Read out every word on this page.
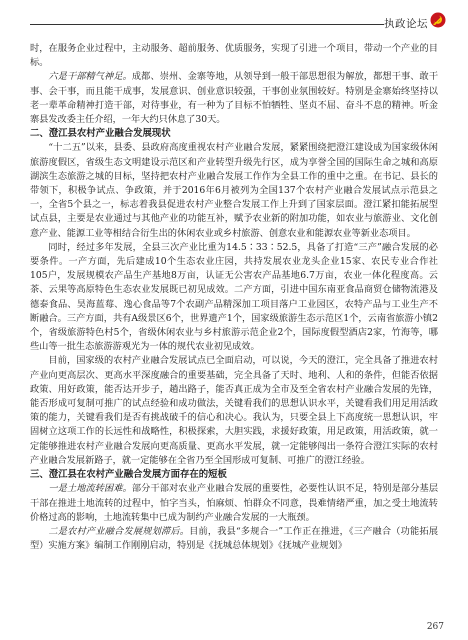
执政论坛

时，在服务企业过程中，主动服务、超前服务、优质服务，实现了引进一个项目，带动一个产业的目标。

六是干部精气神足。成都、崇州、金寨等地，从领导到一般干部思想很为解放，都想干事、敢干事、会干事，而且能干成事，发展意识、创业意识较强，干事创业氛围较好。特别是金寨始终坚持以老一辈革命精神打造干部，对待事业，有一种为了目标不怕牺牲、坚贞不屈、奋斗不息的精神。听金寨县发改委主任介绍，一年大约只休息了30天。

二、澄江县农村产业融合发展现状

“十二五”以来，县委、县政府高度重视农村产业融合发展，紧紧围绕把澄江建设成为国家级休闲旅游度假区，省级生态文明建设示范区和产业转型升级先行区，成为享誉全国的国际生命之城和高原湖滨生态旅游之城的目标，坚持把农村产业融合发展工作作为全县工作的重中之重。在书记、县长的带领下，积极争试点、争政策，并于2016年6月被列为全国137个农村产业融合发展试点示范县之一，全省5个县之一，标志着我县促进农村产业整合发展工作上升到了国家层面。澄江紧扣能拓展型试点县，主要是农业通过与其他产业的功能互补，赋予农业新的附加功能，如农业与旅游业、文化创意产业、能源工业等相结合衍生出的休闲农业或乡村旅游、创意农业和能源农业等新业态项目。

同时，经过多年发展，全县三次产业比重为14.5∶33∶52.5，具备了打造“三产”融合发展的必要条件。一产方面，先后建成10个生态农业庄园，共持发展农业龙头企业15家、农民专业合作社105户，发展规模农产品生产基地8万亩，认证无公害农产品基地6.7万亩，农业一体化程度高。云茶、云果等高原特色生态农业发展既已初见成效。二产方面，引进中国东南亚食品商贸仓储物流港及德泰食品、昊海蓝莓、逸心食品等7个农副产品精深加工项目落户工业园区，农特产品与工业生产不断融合。三产方面，共有A级景区6个，世界遗产1个，国家级旅游生态示范区1个，云南省旅游小镇2个，省级旅游特色村5个，省级休闲农业与乡村旅游示范企业2个，国际度假型酒店2家，竹海等，哪些山等一批生态旅游游观光为一体的规代农业初见成效。

目前，国家级的农村产业融合发展试点已全面启动，可以说，今天的澄江，完全具备了推进农村产业向更高层次、更高水平深度融合的重要基础，完全具备了天时、地利、人和的条件，但能否依据政策、用好政策，能否达开步子，趟出路子，能否真正成为全市及至全省农村产业融合发展的先锋，能否形成可复制可推广的试点经验和成功做法，关键看我们的思想认识水平，关键看我们用足用活政策的能力，关键看我们是否有挑战破千的信心和决心。我认为，只要全县上下高度统一思想认识，牢固树立这项工作的长远性和战略性，积极探索，大胆实践，求援好政策，用足政策，用活政策，就一定能够推进农村产业融合发展向更高质量、更高水平发展，就一定能够闯出一条符合澄江实际的农村产业融合发展新路子，就一定能够在全省乃至全国形成可复制、可推广的澄江经验。

三、澄江县在农村产业融合发展方面存在的短板

一是土地流转困难。部分干部对农业产业融合发展的重要性，必要性认识不足，特别是部分基层干部在推进土地流转的过程中，怕字当头，怕麻烦、怕群众不同意，畏难情绪严重，加之受土地流转价格过高的影响，土地流转集中已成为制约产业融合发展的一大瓶颈。

二是农村产业融合发展规划滞后。目前，我县“多规合一”工作正在推进，《三产融合（功能拓展型）实施方案》编制工作刚刚启动，特别是《抚城总体规划》《抚城产业规划》

267
